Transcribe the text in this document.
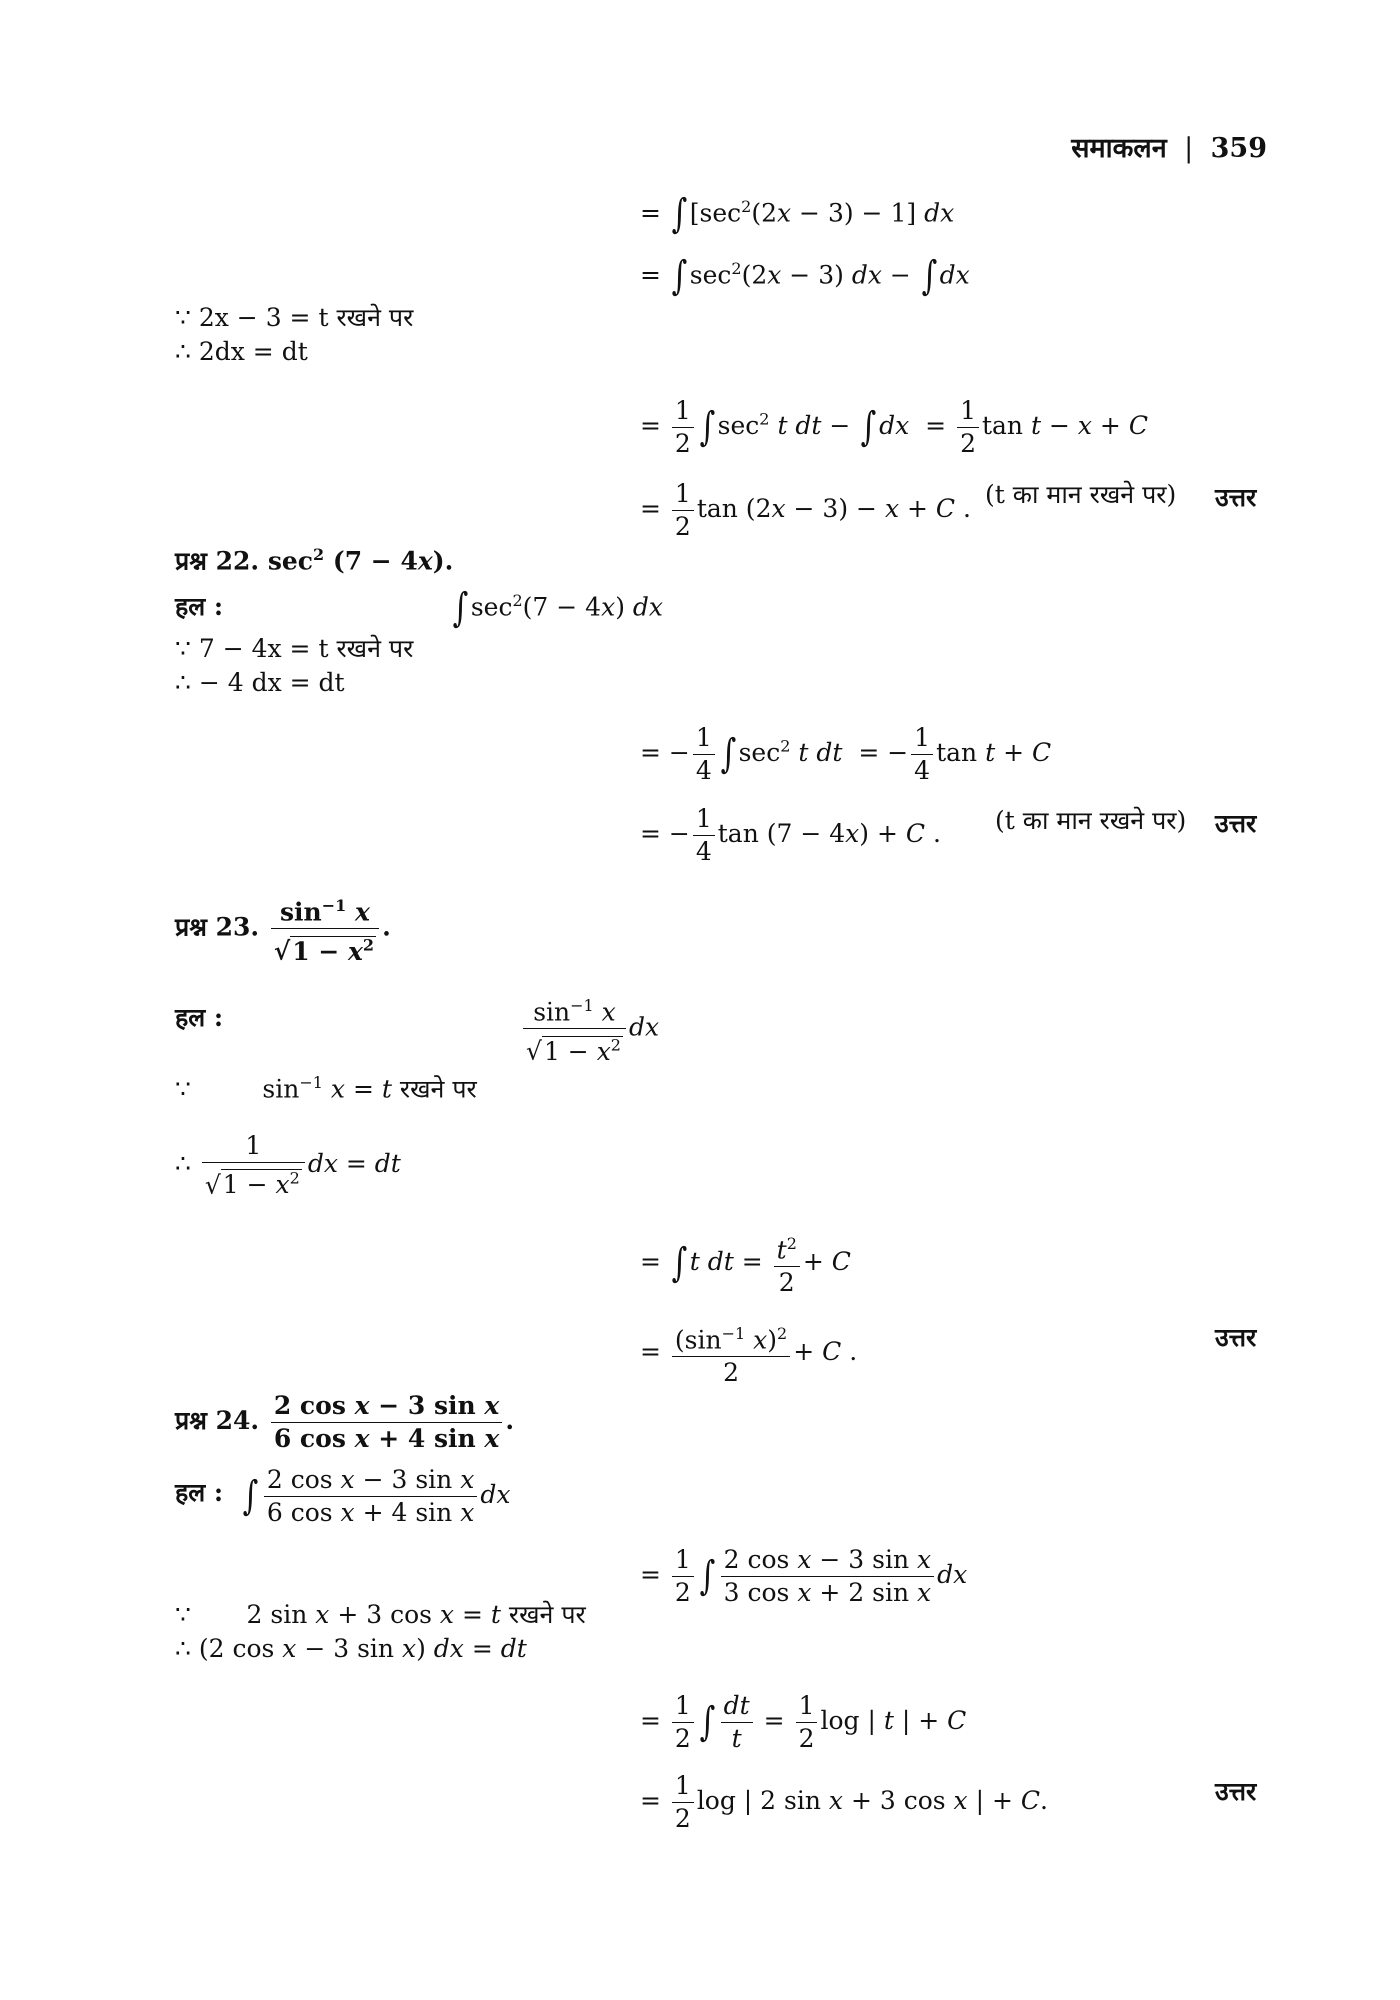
समाकलन | 359
= ∫ $[\sec^2(2x - 3) - 1]$ dx
= ∫ $\sec^2(2x - 3)$ dx − ∫ dx
∵ 2x − 3 = t रखने पर
∴ 2dx = dt
= $\frac{1}{2}$ ∫ $\sec^2 t$ dt − ∫ dx  = $\frac{1}{2}$ tan t − x + C
= $\frac{1}{2}$ tan (2x − 3) − x + C . (t का मान रखने पर) उत्तर
प्रश्न 22. $\sec^2 (7 - 4x)$.
हल :	∫ $\sec^2(7 - 4x)$ dx
∵ 7 − 4x = t रखने पर
∴ − 4 dx = dt
= − $\frac{1}{4}$ ∫ $\sec^2 t$ dt  = − $\frac{1}{4}$ tan t + C
= − $\frac{1}{4}$ tan (7 − 4x) + C . (t का मान रखने पर) उत्तर
प्रश्न 23. $\frac{\sin^{-1} x}{√1 - x^2}$ .
हल :	$\frac{\sin^{-1} x}{√1 - x^2}$ dx
∵         $\sin^{-1} x = t$ रखने पर
∴ $\frac{1}{√1 - x^2}$ dx = dt
= ∫ t dt = $\frac{t^2}{2} + C$
= $\frac{(\sin^{-1} x)^2}{2} + C$ .	उत्तर
प्रश्न 24. $\frac{\text{2 cos x − 3 sin x}}{\text{6 cos x + 4 sin x}}$ .
हल : ∫ $\frac{\text{2 cos x − 3 sin x}}{\text{6 cos x + 4 sin x}}$ dx
= $\frac{1}{2}$ ∫ $\frac{\text{2 cos x − 3 sin x}}{\text{3 cos x + 2 sin x}}$ dx
∵       2 sin x + 3 cos x = t रखने पर
∴ (2 cos x − 3 sin x) dx = dt
= $\frac{1}{2}$ ∫ $\frac{dt}{t} = \frac{1}{2}$ log | t | + C
= $\frac{1}{2}$ log | 2 sin x + 3 cos x | + C.	उत्तर
